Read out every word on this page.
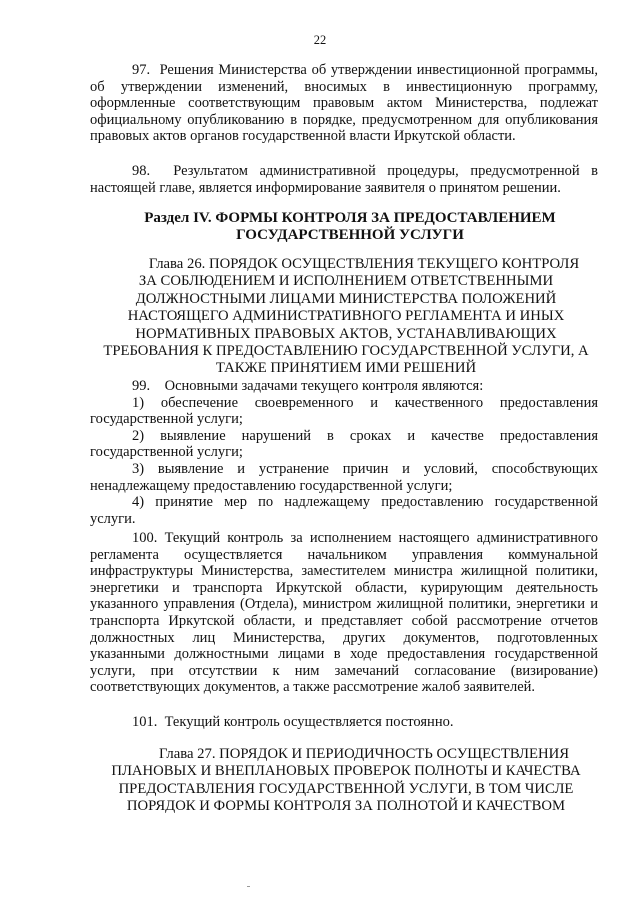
22

97. Решения Министерства об утверждении инвестиционной программы, об утверждении изменений, вносимых в инвестиционную программу, оформленные соответствующим правовым актом Министерства, подлежат официальному опубликованию в порядке, предусмотренном для опубликования правовых актов органов государственной власти Иркутской области.

98. Результатом административной процедуры, предусмотренной в настоящей главе, является информирование заявителя о принятом решении.

Раздел IV. ФОРМЫ КОНТРОЛЯ ЗА ПРЕДОСТАВЛЕНИЕМ
ГОСУДАРСТВЕННОЙ УСЛУГИ
Глава 26. ПОРЯДОК ОСУЩЕСТВЛЕНИЯ ТЕКУЩЕГО КОНТРОЛЯ
ЗА СОБЛЮДЕНИЕМ И ИСПОЛНЕНИЕМ ОТВЕТСТВЕННЫМИ
ДОЛЖНОСТНЫМИ ЛИЦАМИ МИНИСТЕРСТВА ПОЛОЖЕНИЙ
НАСТОЯЩЕГО АДМИНИСТРАТИВНОГО РЕГЛАМЕНТА И ИНЫХ
НОРМАТИВНЫХ ПРАВОВЫХ АКТОВ, УСТАНАВЛИВАЮЩИХ
ТРЕБОВАНИЯ К ПРЕДОСТАВЛЕНИЮ ГОСУДАРСТВЕННОЙ УСЛУГИ, А
ТАКЖЕ ПРИНЯТИЕМ ИМИ РЕШЕНИЙ

99.    Основными задачами текущего контроля являются:

1) обеспечение своевременного и качественного предоставления государственной услуги;

2) выявление нарушений в сроках и качестве предоставления государственной услуги;

3) выявление и устранение причин и условий, способствующих ненадлежащему предоставлению государственной услуги;

4) принятие мер по надлежащему предоставлению государственной услуги.

100. Текущий контроль за исполнением настоящего административного регламента осуществляется начальником управления коммунальной инфраструктуры Министерства, заместителем министра жилищной политики, энергетики и транспорта Иркутской области, курирующим деятельность указанного управления (Отдела), министром жилищной политики, энергетики и транспорта Иркутской области, и представляет собой рассмотрение отчетов должностных лиц Министерства, других документов, подготовленных указанными должностными лицами в ходе предоставления государственной услуги, при отсутствии к ним замечаний согласование (визирование) соответствующих документов, а также рассмотрение жалоб заявителей.

101.  Текущий контроль осуществляется постоянно.

Глава 27. ПОРЯДОК И ПЕРИОДИЧНОСТЬ ОСУЩЕСТВЛЕНИЯ
ПЛАНОВЫХ И ВНЕПЛАНОВЫХ ПРОВЕРОК ПОЛНОТЫ И КАЧЕСТВА
ПРЕДОСТАВЛЕНИЯ ГОСУДАРСТВЕННОЙ УСЛУГИ, В ТОМ ЧИСЛЕ
ПОРЯДОК И ФОРМЫ КОНТРОЛЯ ЗА ПОЛНОТОЙ И КАЧЕСТВОМ
